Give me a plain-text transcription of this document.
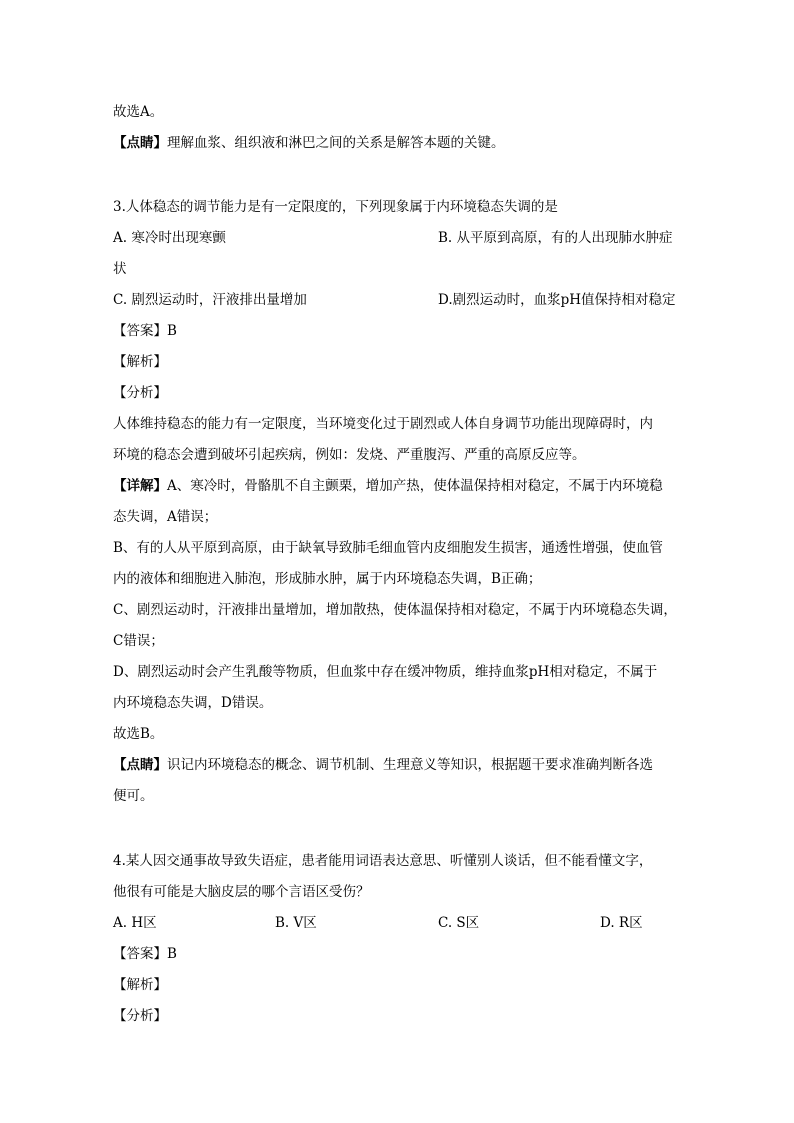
故选A。
【点睛】理解血浆、组织液和淋巴之间的关系是解答本题的关键。
3.人体稳态的调节能力是有一定限度的，下列现象属于内环境稳态失调的是
A. 寒冷时出现寒颤	B. 从平原到高原，有的人出现肺水肿症
状
C. 剧烈运动时，汗液排出量增加	D.剧烈运动时，血浆pH值保持相对稳定
【答案】B
【解析】
【分析】
人体维持稳态的能力有一定限度，当环境变化过于剧烈或人体自身调节功能出现障碍时，内
环境的稳态会遭到破坏引起疾病，例如：发烧、严重腹泻、严重的高原反应等。
【详解】A、寒冷时，骨骼肌不自主颤栗，增加产热，使体温保持相对稳定，不属于内环境稳
态失调，A错误；
B、有的人从平原到高原，由于缺氧导致肺毛细血管内皮细胞发生损害，通透性增强，使血管
内的液体和细胞进入肺泡，形成肺水肿，属于内环境稳态失调，B正确；
C、剧烈运动时，汗液排出量增加，增加散热，使体温保持相对稳定，不属于内环境稳态失调，
C错误；
D、剧烈运动时会产生乳酸等物质，但血浆中存在缓冲物质，维持血浆pH相对稳定，不属于
内环境稳态失调，D错误。
故选B。
【点睛】识记内环境稳态的概念、调节机制、生理意义等知识，根据题干要求准确判断各选
便可。
4.某人因交通事故导致失语症，患者能用词语表达意思、听懂别人谈话，但不能看懂文字，
他很有可能是大脑皮层的哪个言语区受伤？
A. H区	B. V区	C. S区	D. R区
【答案】B
【解析】
【分析】
